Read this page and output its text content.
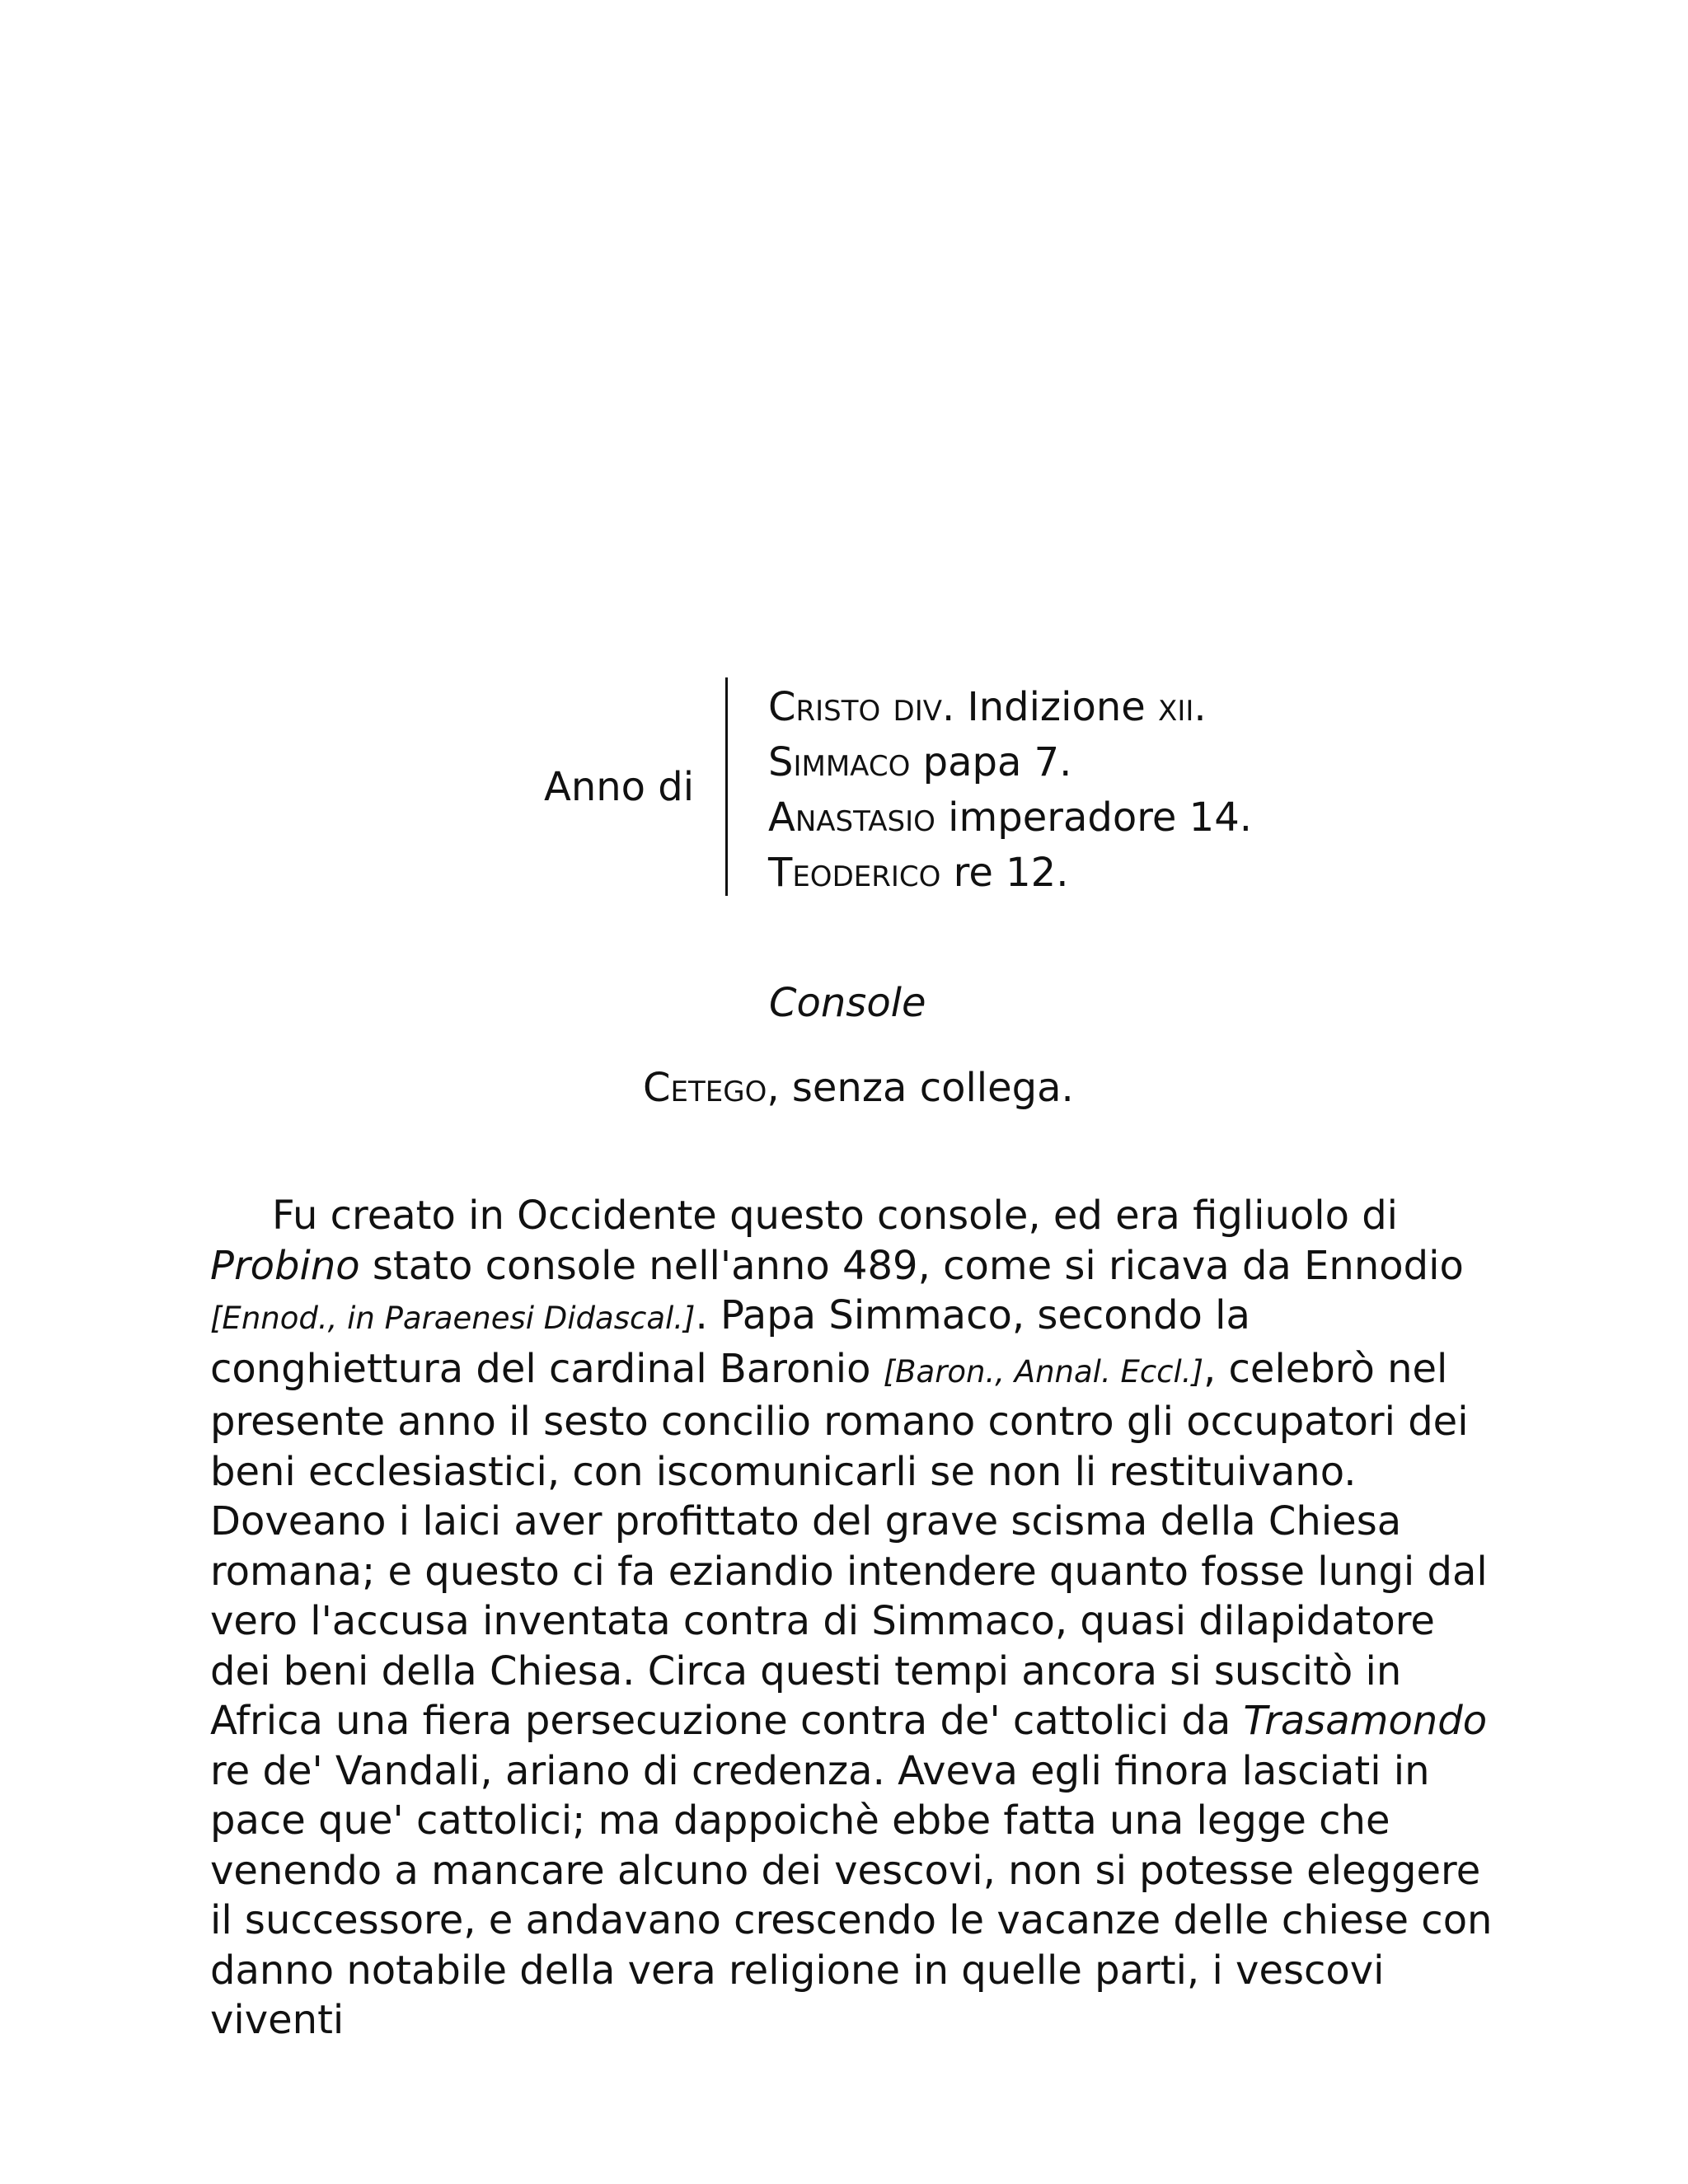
Anno di

Cristo div. Indizione xii.

Simmaco papa 7.

Anastasio imperadore 14.

Teoderico re 12.

Console
Cetego, senza collega.

Fu creato in Occidente questo console, ed era figliuolo di Probino stato console nell'anno 489, come si ricava da Ennodio [Ennod., in Paraenesi Didascal.]. Papa Simmaco, secondo la conghiettura del cardinal Baronio [Baron., Annal. Eccl.], celebrò nel presente anno il sesto concilio romano contro gli occupatori dei beni ecclesiastici, con iscomunicarli se non li restituivano. Doveano i laici aver profittato del grave scisma della Chiesa romana; e questo ci fa eziandio intendere quanto fosse lungi dal vero l'accusa inventata contra di Simmaco, quasi dilapidatore dei beni della Chiesa. Circa questi tempi ancora si suscitò in Africa una fiera persecuzione contra de' cattolici da Trasamondo re de' Vandali, ariano di credenza. Aveva egli finora lasciati in pace que' cattolici; ma dappoichè ebbe fatta una legge che venendo a mancare alcuno dei vescovi, non si potesse eleggere il successore, e andavano crescendo le vacanze delle chiese con danno notabile della vera religione in quelle parti, i vescovi viventi
